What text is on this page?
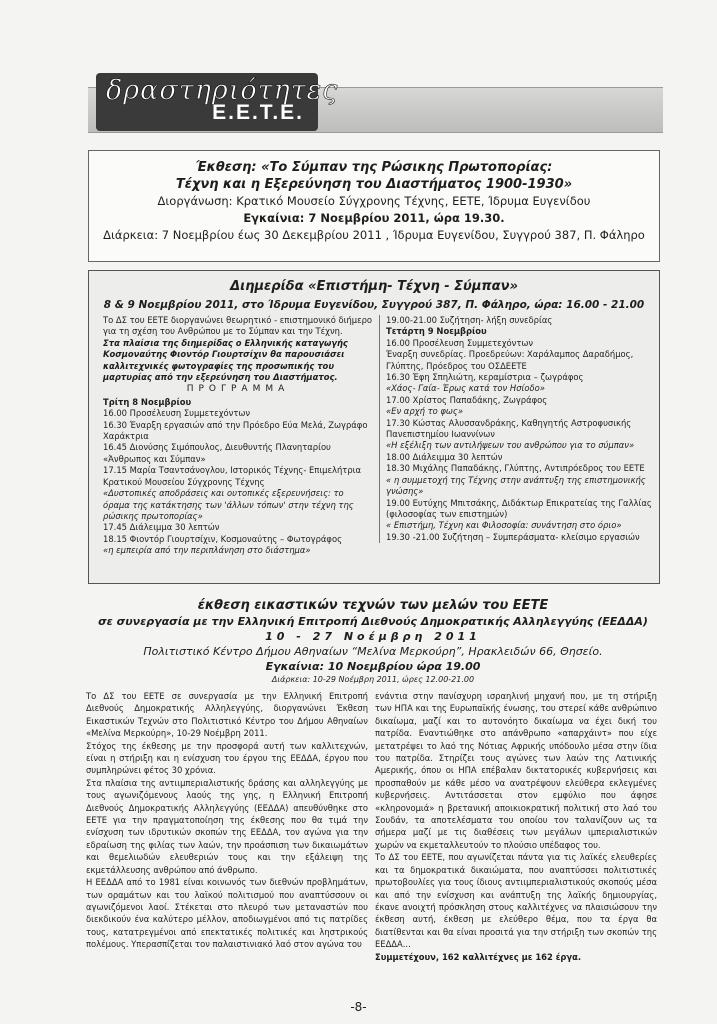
δραστηριότητες
Ε.Ε.Τ.Ε.
Έκθεση: «Το Σύμπαν της Ρώσικης Πρωτοπορίας:
Τέχνη και η Εξερεύνηση του Διαστήματος 1900-1930»
Διοργάνωση: Κρατικό Μουσείο Σύγχρονης Τέχνης, ΕΕΤΕ, Ίδρυμα Ευγενίδου
Εγκαίνια: 7 Νοεμβρίου 2011, ώρα 19.30.
Διάρκεια: 7 Νοεμβρίου έως 30 Δεκεμβρίου 2011 , Ίδρυμα Ευγενίδου, Συγγρού 387, Π. Φάληρο
Διημερίδα «Επιστήμη- Τέχνη - Σύμπαν»
8 & 9 Νοεμβρίου 2011, στο Ίδρυμα Ευγενίδου, Συγγρού 387, Π. Φάληρο, ώρα: 16.00 - 21.00

Το ΔΣ του ΕΕΤΕ διοργανώνει θεωρητικό - επιστημονικό διήμερο για τη σχέση του Ανθρώπου με το Σύμπαν και την Τέχνη.

Στα πλαίσια της διημερίδας ο Ελληνικής καταγωγής Κοσμοναύτης Φιοντόρ Γιουρτσίχιν θα παρουσιάσει καλλιτεχνικές φωτογραφίες της προσωπικής του μαρτυρίας από την εξερεύνηση του Διαστήματος.

ΠΡΟΓΡΑΜΜΑ

Τρίτη 8 Νοεμβρίου

16.00 Προσέλευση Συμμετεχόντων

16.30 Έναρξη εργασιών από την Πρόεδρο Εύα Μελά, Ζωγράφο Χαράκτρια

16.45 Διονύσης Σιμόπουλος, Διευθυντής Πλανηταρίου «Άνθρωπος και Σύμπαν»

17.15 Μαρία Τσαντσάνογλου, Ιστορικός Τέχνης- Επιμελήτρια Κρατικού Μουσείου Σύγχρονης Τέχνης

«Δυστοπικές αποδράσεις και ουτοπικές εξερευνήσεις: το όραμα της κατάκτησης των 'άλλων τόπων' στην τέχνη της ρώσικης πρωτοπορίας»

17.45 Διάλειμμα 30 λεπτών

18.15 Φιοντόρ Γιουρτσίχιν, Κοσμοναύτης – Φωτογράφος

«η εμπειρία από την περιπλάνηση στο διάστημα»

19.00-21.00 Συζήτηση- λήξη συνεδρίας

Τετάρτη 9 Νοεμβρίου

16.00 Προσέλευση Συμμετεχόντων

Έναρξη συνεδρίας. Προεδρεύων: Χαράλαμπος Δαραδήμος, Γλύπτης, Πρόεδρος του ΟΣΔΕΕΤΕ

16.30 Έφη Σπηλιώτη, κεραμίστρια – ζωγράφος

«Χάος- Γαία- Έρως κατά τον Ησίοδο»

17.00 Χρίστος Παπαδάκης, Ζωγράφος

«Εν αρχή το φως»

17.30 Κώστας Αλυσσανδράκης, Καθηγητής Αστροφυσικής Πανεπιστημίου Ιωαννίνων

«Η εξέλιξη των αντιλήψεων του ανθρώπου για το σύμπαν»

18.00 Διάλειμμα 30 λεπτών

18.30 Μιχάλης Παπαδάκης, Γλύπτης, Αντιπρόεδρος του ΕΕΤΕ

« η συμμετοχή της Τέχνης στην ανάπτυξη της επιστημονικής γνώσης»

19.00 Ευτύχης Μπιτσάκης, Διδάκτωρ Επικρατείας της Γαλλίας (φιλοσοφίας των επιστημών)

« Επιστήμη, Τέχνη και Φιλοσοφία: συνάντηση στο όριο»

19.30 -21.00 Συζήτηση – Συμπεράσματα- κλείσιμο εργασιών

έκθεση εικαστικών τεχνών των μελών του ΕΕΤΕ
σε συνεργασία με την Ελληνική Επιτροπή Διεθνούς Δημοκρατικής Αλληλεγγύης (ΕΕΔΔΑ)
10 - 27 Νοέμβρη 2011
Πολιτιστικό Κέντρο Δήμου Αθηναίων “Μελίνα Μερκούρη”, Ηρακλειδών 66, Θησείο.
Εγκαίνια: 10 Νοεμβρίου ώρα 19.00
Διάρκεια: 10-29 Νοέμβρη 2011, ώρες 12.00-21.00

Το ΔΣ του ΕΕΤΕ σε συνεργασία με την Ελληνική Επιτροπή Διεθνούς Δημοκρατικής Αλληλεγγύης, διοργανώνει Έκθεση Εικαστικών Τεχνών στο Πολιτιστικό Κέντρο του Δήμου Αθηναίων «Μελίνα Μερκούρη», 10-29 Νοέμβρη 2011.

Στόχος της έκθεσης με την προσφορά αυτή των καλλιτεχνών, είναι η στήριξη και η ενίσχυση του έργου της ΕΕΔΔΑ, έργου που συμπληρώνει φέτος 30 χρόνια.

Στα πλαίσια της αντιιμπεριαλιστικής δράσης και αλληλεγγύης με τους αγωνιζόμενους λαούς της γης, η Ελληνική Επιτροπή Διεθνούς Δημοκρατικής Αλληλεγγύης (ΕΕΔΔΑ) απευθύνθηκε στο ΕΕΤΕ για την πραγματοποίηση της έκθεσης που θα τιμά την ενίσχυση των ιδρυτικών σκοπών της ΕΕΔΔΑ, τον αγώνα για την εδραίωση της φιλίας των λαών, την προάσπιση των δικαιωμάτων και θεμελιωδών ελευθεριών τους και την εξάλειψη της εκμετάλλευσης ανθρώπου από άνθρωπο.

Η ΕΕΔΔΑ από το 1981 είναι κοινωνός των διεθνών προβλημάτων, των οραμάτων και του λαϊκού πολιτισμού που αναπτύσσουν οι αγωνιζόμενοι λαοί. Στέκεται στο πλευρό των μεταναστών που διεκδικούν ένα καλύτερο μέλλον, αποδιωγμένοι από τις πατρίδες τους, κατατρεγμένοι από επεκτατικές πολιτικές και ληστρικούς πολέμους. Υπερασπίζεται τον παλαιστινιακό λαό στον αγώνα του

ενάντια στην πανίσχυρη ισραηλινή μηχανή που, με τη στήριξη των ΗΠΑ και της Ευρωπαϊκής ένωσης, του στερεί κάθε ανθρώπινο δικαίωμα, μαζί και το αυτονόητο δικαίωμα να έχει δική του πατρίδα. Εναντιώθηκε στο απάνθρωπο «απαρχάιντ» που είχε μετατρέψει το λαό της Νότιας Αφρικής υπόδουλο μέσα στην ίδια του πατρίδα. Στηρίζει τους αγώνες των λαών της Λατινικής Αμερικής, όπου οι ΗΠΑ επέβαλαν δικτατορικές κυβερνήσεις και προσπαθούν με κάθε μέσο να ανατρέψουν ελεύθερα εκλεγμένες κυβερνήσεις. Αντιτάσσεται στον εμφύλιο που άφησε «κληρονομιά» η βρετανική αποικιοκρατική πολιτική στο λαό του Σουδάν, τα αποτελέσματα του οποίου τον ταλανίζουν ως τα σήμερα μαζί με τις διαθέσεις των μεγάλων ιμπεριαλιστικών χωρών να εκμεταλλευτούν το πλούσιο υπέδαφος του.

Το ΔΣ του ΕΕΤΕ, που αγωνίζεται πάντα για τις λαϊκές ελευθερίες και τα δημοκρατικά δικαιώματα, που αναπτύσσει πολιτιστικές πρωτοβουλίες για τους ίδιους αντιιμπεριαλιστικούς σκοπούς μέσα και από την ενίσχυση και ανάπτυξη της λαϊκής δημιουργίας, έκανε ανοιχτή πρόσκληση στους καλλιτέχνες να πλαισιώσουν την έκθεση αυτή, έκθεση με ελεύθερο θέμα, που τα έργα θα διατίθενται και θα είναι προσιτά για την στήριξη των σκοπών της ΕΕΔΔΑ...

Συμμετέχουν, 162 καλλιτέχνες με 162 έργα.

-8-
